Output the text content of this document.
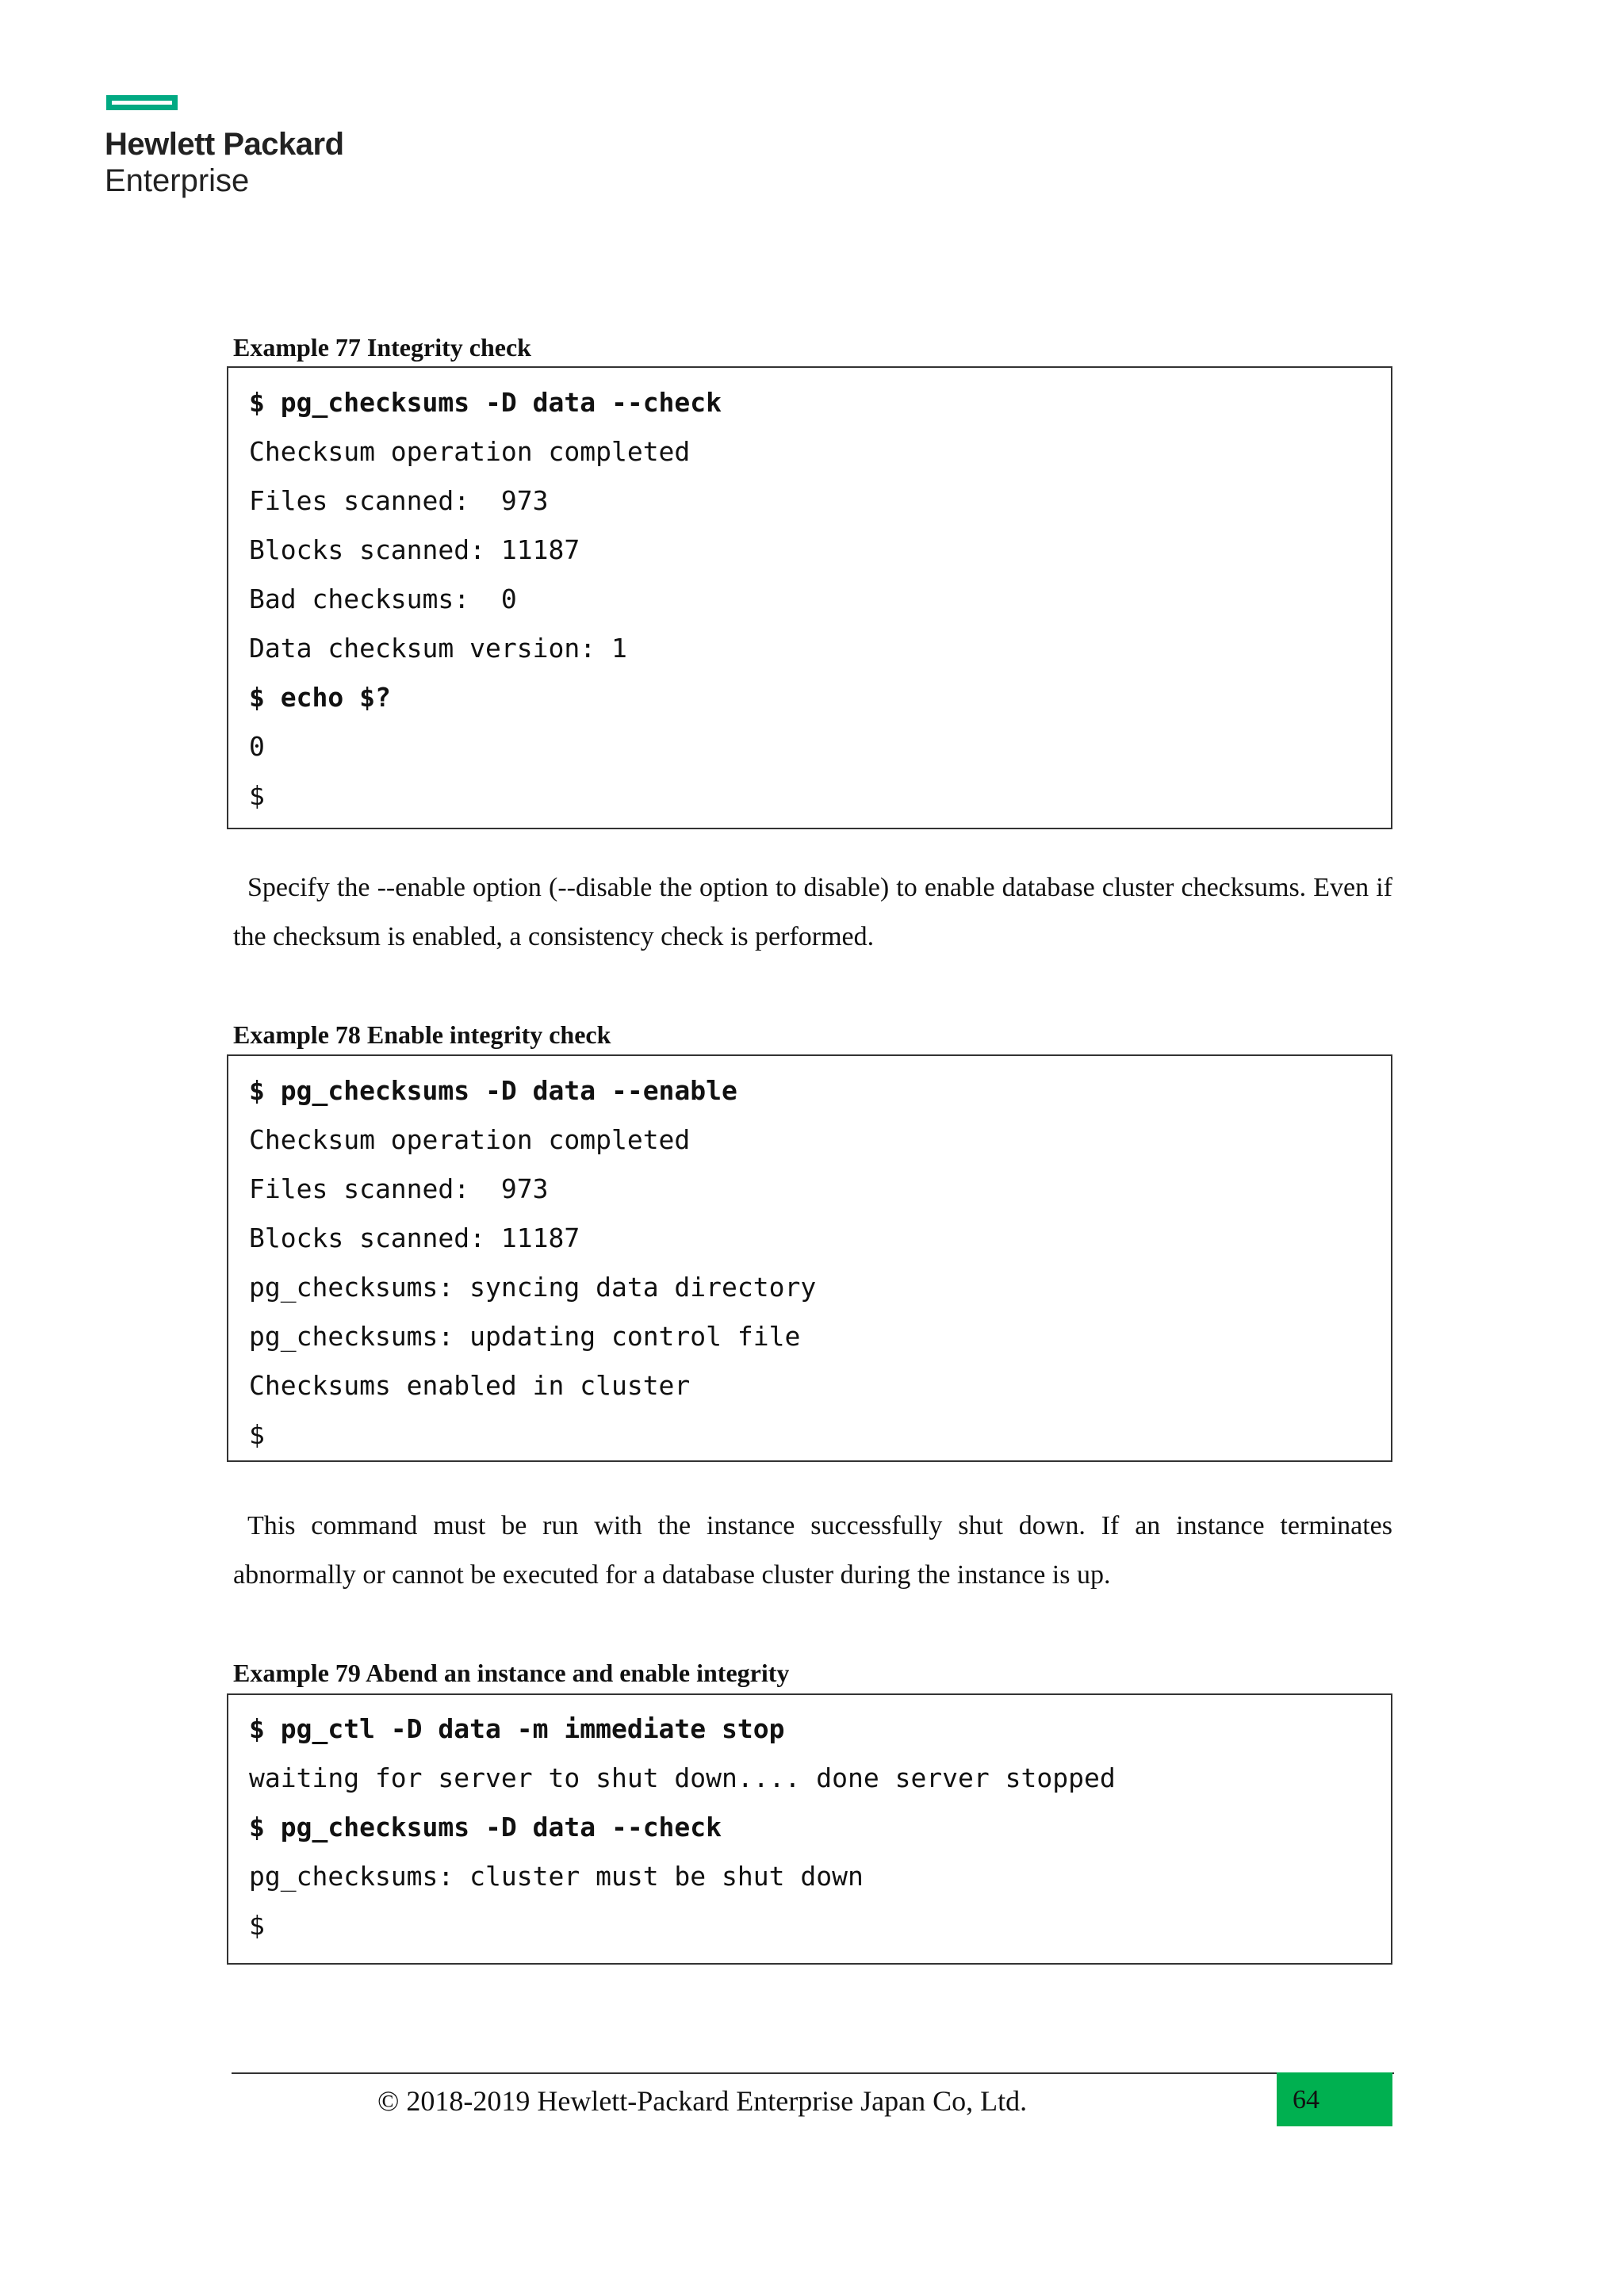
Hewlett Packard
Enterprise
Example 77 Integrity check
$ pg_checksums -D data --check
Checksum operation completed
Files scanned:  973
Blocks scanned: 11187
Bad checksums:  0
Data checksum version: 1
$ echo $?
0
$

Specify the --enable option (--disable the option to disable) to enable database cluster checksums. Even if the checksum is enabled, a consistency check is performed.

Example 78 Enable integrity check
$ pg_checksums -D data --enable
Checksum operation completed
Files scanned:  973
Blocks scanned: 11187
pg_checksums: syncing data directory
pg_checksums: updating control file
Checksums enabled in cluster
$

This command must be run with the instance successfully shut down. If an instance terminates abnormally or cannot be executed for a database cluster during the instance is up.

Example 79 Abend an instance and enable integrity
$ pg_ctl -D data -m immediate stop
waiting for server to shut down.... done server stopped
$ pg_checksums -D data --check
pg_checksums: cluster must be shut down
$
© 2018-2019 Hewlett-Packard Enterprise Japan Co, Ltd.	64
